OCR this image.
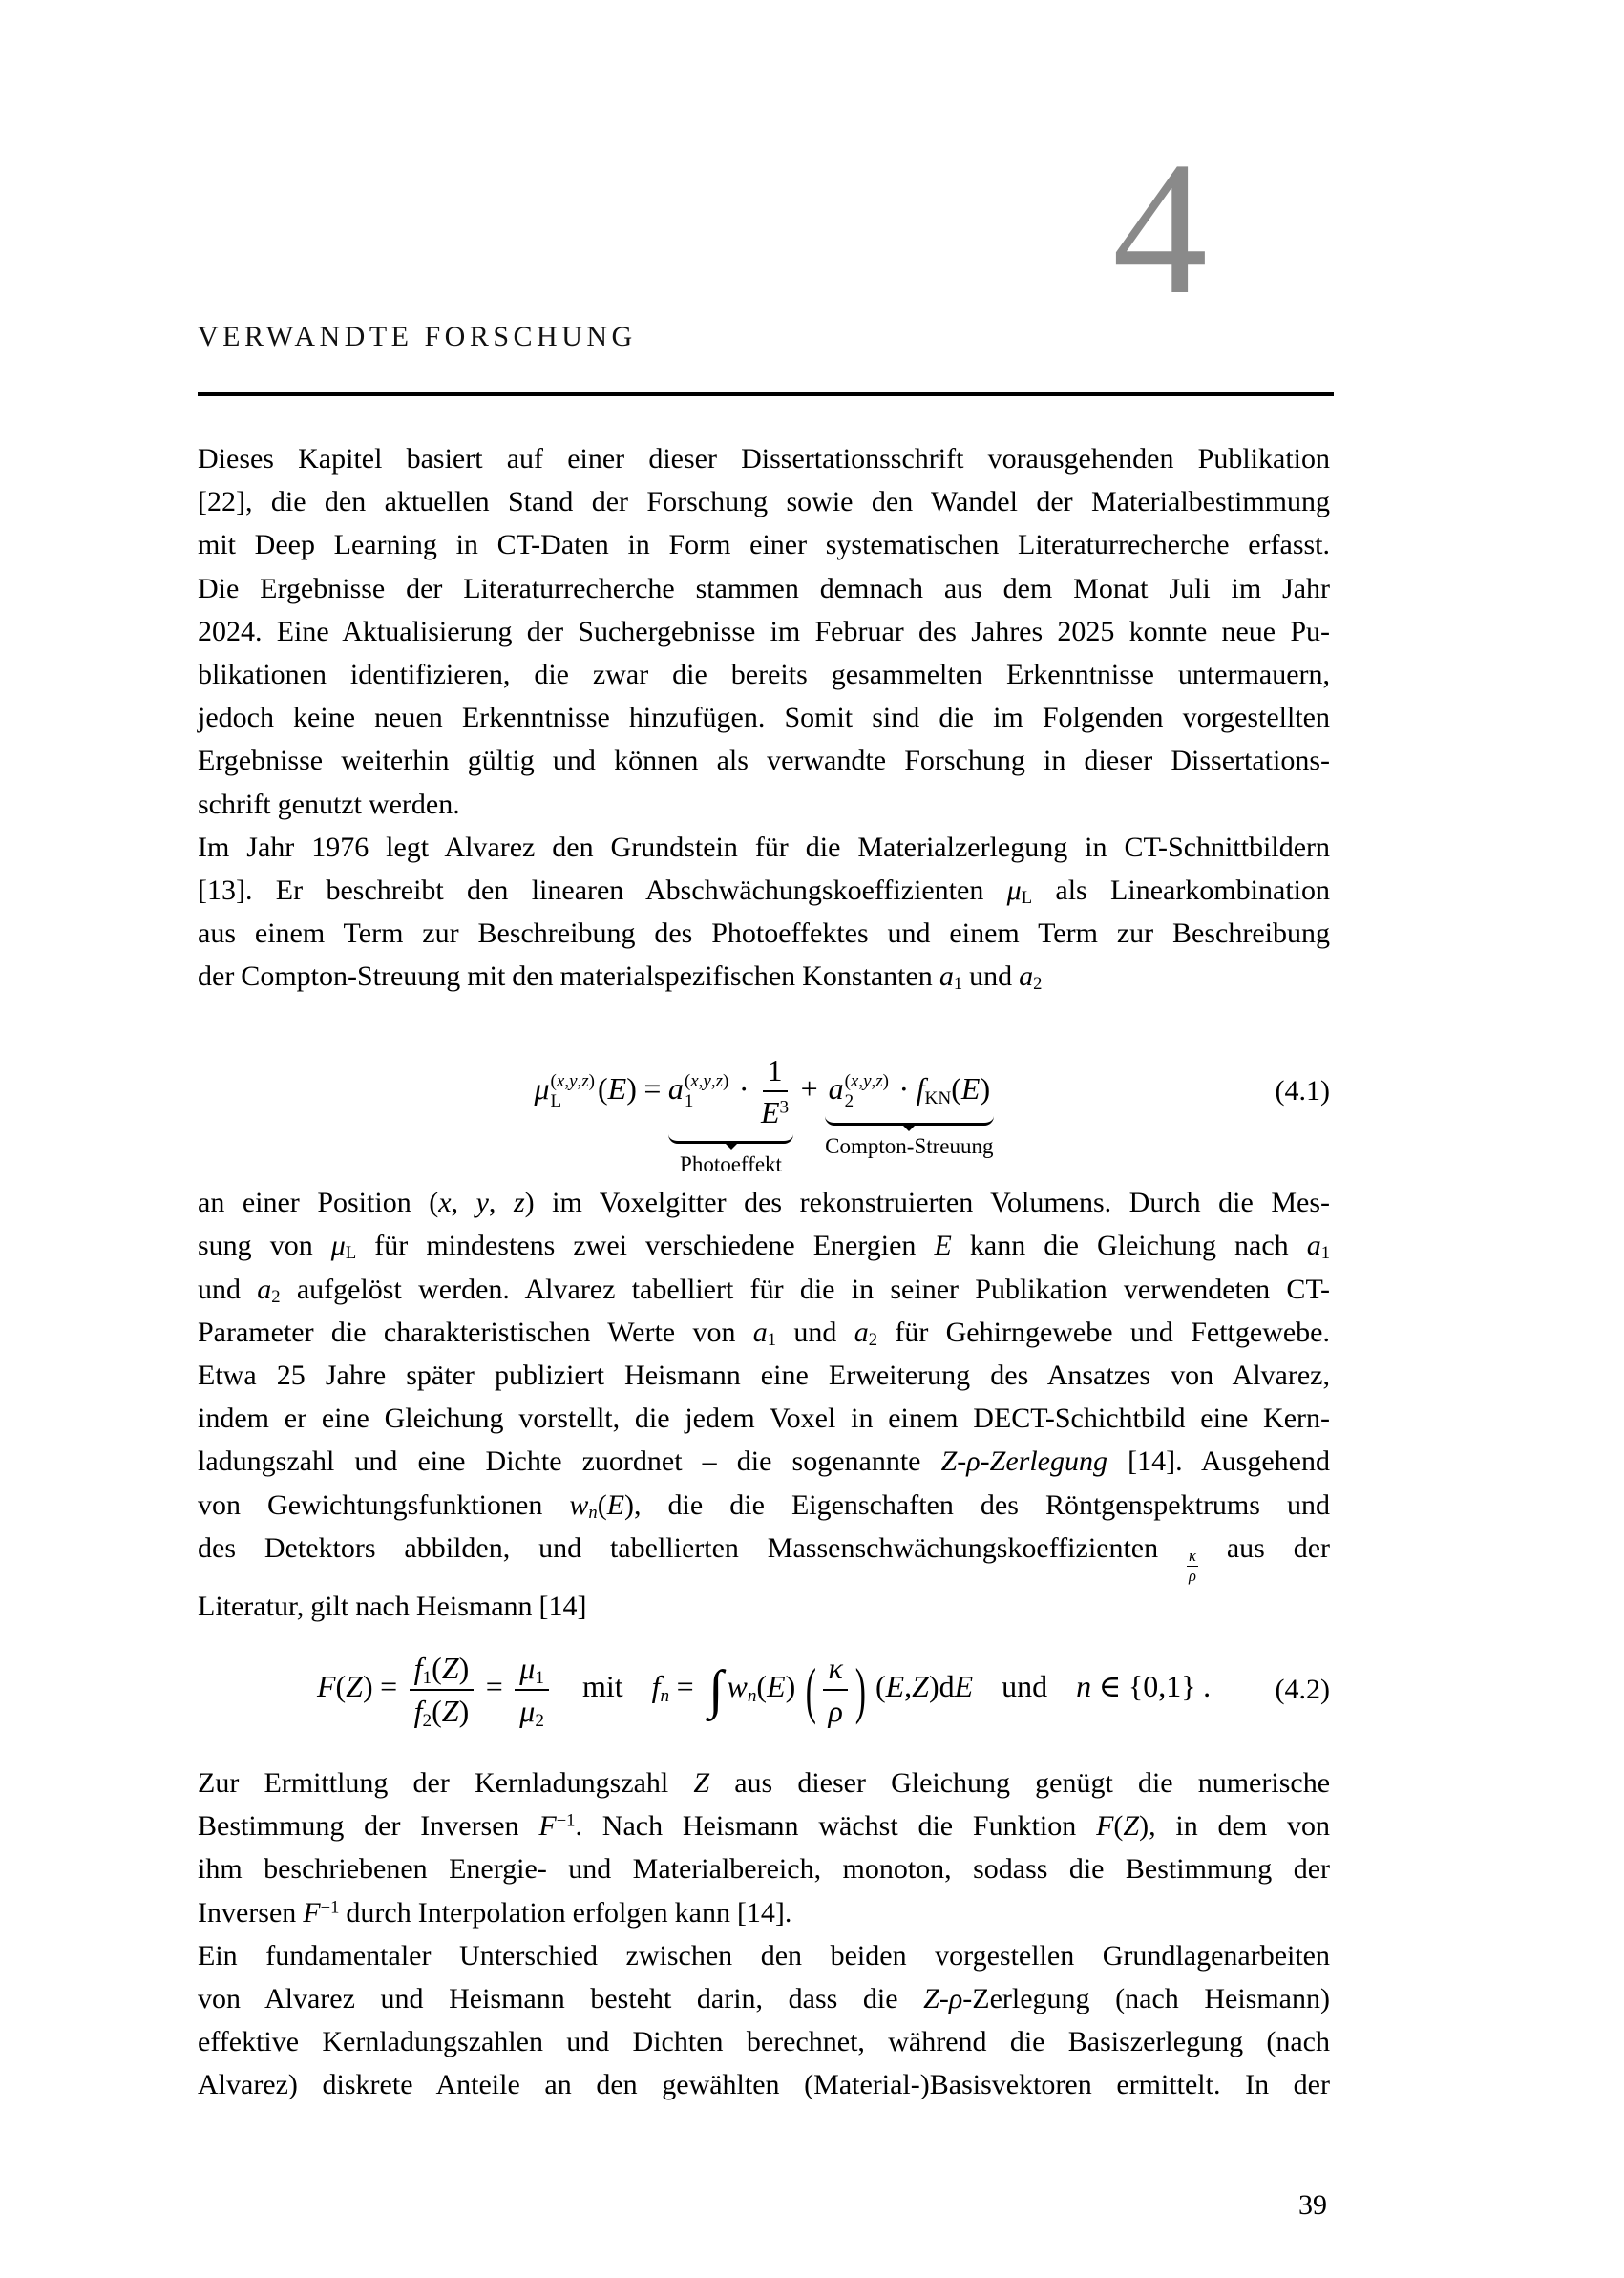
4
VERWANDTE FORSCHUNG
Dieses Kapitel basiert auf einer dieser Dissertationsschrift vorausgehenden Publikation
[22], die den aktuellen Stand der Forschung sowie den Wandel der Materialbestimmung
mit Deep Learning in CT-Daten in Form einer systematischen Literaturrecherche erfasst.
Die Ergebnisse der Literaturrecherche stammen demnach aus dem Monat Juli im Jahr
2024. Eine Aktualisierung der Suchergebnisse im Februar des Jahres 2025 konnte neue Pu-
blikationen identifizieren, die zwar die bereits gesammelten Erkenntnisse untermauern,
jedoch keine neuen Erkenntnisse hinzufügen. Somit sind die im Folgenden vorgestellten
Ergebnisse weiterhin gültig und können als verwandte Forschung in dieser Dissertations-
schrift genutzt werden.
Im Jahr 1976 legt Alvarez den Grundstein für die Materialzerlegung in CT-Schnittbildern
[13]. Er beschreibt den linearen Abschwächungskoeffizienten $\mu_L$ als Linearkombination
aus einem Term zur Beschreibung des Photoeffektes und einem Term zur Beschreibung
der Compton-Streuung mit den materialspezifischen Konstanten $a_1$ und $a_2$
μ (x,y,z)
L (E) = a (x,y,z)
$1 \cdot \frac{1}{E^3}$
Photoeffekt
+ a (x,y,z)
$2 \cdot f_{KN}(E)$
Compton-Streuung
(4.1)
an einer Position (x, y, z) im Voxelgitter des rekonstruierten Volumens. Durch die Mes-
sung von $\mu_L$ für mindestens zwei verschiedene Energien E kann die Gleichung nach $a_1$
und $a_2$ aufgelöst werden. Alvarez tabelliert für die in seiner Publikation verwendeten CT-
Parameter die charakteristischen Werte von $a_1$ und $a_2$ für Gehirngewebe und Fettgewebe.
Etwa 25 Jahre später publiziert Heismann eine Erweiterung des Ansatzes von Alvarez,
indem er eine Gleichung vorstellt, die jedem Voxel in einem DECT-Schichtbild eine Kern-
ladungszahl und eine Dichte zuordnet – die sogenannte Z-ρ-Zerlegung [14]. Ausgehend
von Gewichtungsfunktionen $w_n(E)$, die die Eigenschaften des Röntgenspektrums und
des Detektors abbilden, und tabellierten Massenschwächungskoeffizienten $\frac{\kappa}{\rho}$ aus der
Literatur, gilt nach Heismann [14]
$F(Z) = \frac{f_1(Z)}{f_2(Z)} = \frac{\mu_1}{\mu_2}$ mit $f_n$ = ∫ $w_n(E)$ ( $\frac{\kappa}{\rho}$ ) (E,Z)dE und n ∈ {0,1} . (4.2)
Zur Ermittlung der Kernladungszahl Z aus dieser Gleichung genügt die numerische
Bestimmung der Inversen $F^{-1}$. Nach Heismann wächst die Funktion F(Z), in dem von
ihm beschriebenen Energie- und Materialbereich, monoton, sodass die Bestimmung der
Inversen $F^{-1}$ durch Interpolation erfolgen kann [14].
Ein fundamentaler Unterschied zwischen den beiden vorgestellen Grundlagenarbeiten
von Alvarez und Heismann besteht darin, dass die Z-ρ-Zerlegung (nach Heismann)
effektive Kernladungszahlen und Dichten berechnet, während die Basiszerlegung (nach
Alvarez) diskrete Anteile an den gewählten (Material-)Basisvektoren ermittelt. In der
39
